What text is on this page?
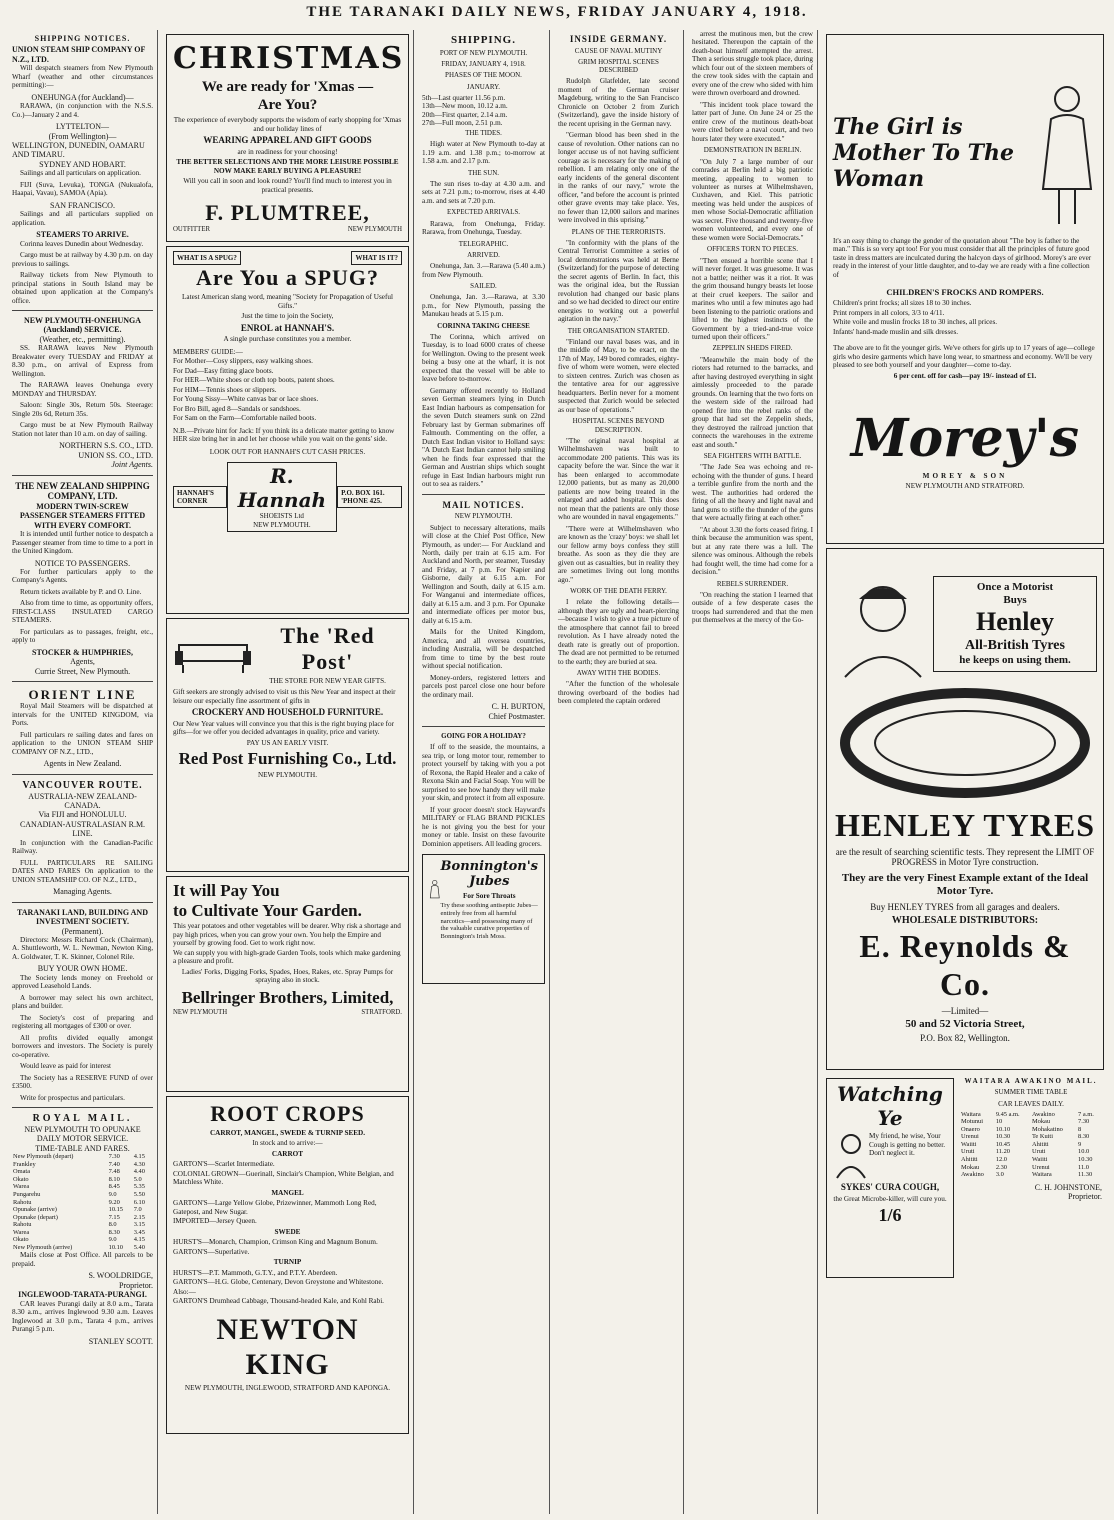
THE TARANAKI DAILY NEWS, FRIDAY JANUARY 4, 1918.
SHIPPING NOTICES.
UNION STEAM SHIP COMPANY OF N.Z., LTD.

Will despatch steamers from New Plymouth Wharf (weather and other circumstances permitting):—

ONEHUNGA (for Auckland)—

RARAWA, (in conjunction with the N.S.S. Co.)—January 2 and 4.

LYTTELTON—
(From Wellington)—
WELLINGTON, DUNEDIN, OAMARU AND TIMARU.
SYDNEY AND HOBART.

Sailings and all particulars on application.

FIJI (Suva, Levuka), TONGA (Nukualofa, Haapai, Vavau), SAMOA (Apia).

SAN FRANCISCO.

Sailings and all particulars supplied on application.

STEAMERS TO ARRIVE.

Corinna leaves Dunedin about Wednesday.

Cargo must be at railway by 4.30 p.m. on day previous to sailings.

Railway tickets from New Plymouth to principal stations in South Island may be obtained upon application at the Company's office.

NEW PLYMOUTH-ONEHUNGA (Auckland) SERVICE.
(Weather, etc., permitting).

SS. RARAWA leaves New Plymouth Breakwater every TUESDAY and FRIDAY at 8.30 p.m., on arrival of Express from Wellington.

The RARAWA leaves Onehunga every MONDAY and THURSDAY.

Saloon: Single 30s, Return 50s. Steerage: Single 20s 6d, Return 35s.

Cargo must be at New Plymouth Railway Station not later than 10 a.m. on day of sailing.

NORTHERN S.S. CO., LTD.
UNION SS. CO., LTD.
Joint Agents.
THE NEW ZEALAND SHIPPING COMPANY, LTD.
MODERN TWIN-SCREW PASSENGER STEAMERS FITTED WITH EVERY COMFORT.

It is intended until further notice to despatch a Passenger steamer from time to time to a port in the United Kingdom.

NOTICE TO PASSENGERS.

For further particulars apply to the Company's Agents.

Return tickets available by P. and O. Line.

Also from time to time, as opportunity offers, FIRST-CLASS INSULATED CARGO STEAMERS.

For particulars as to passages, freight, etc., apply to

STOCKER & HUMPHRIES,
Agents,
Currie Street, New Plymouth.
ORIENT LINE

Royal Mail Steamers will be dispatched at intervals for the UNITED KINGDOM, via Ports.

Full particulars re sailing dates and fares on application to the UNION STEAM SHIP COMPANY OF N.Z., LTD.,

Agents in New Zealand.
VANCOUVER ROUTE.
AUSTRALIA-NEW ZEALAND-CANADA.
Via FIJI and HONOLULU.
CANADIAN-AUSTRALASIAN R.M. LINE.

In conjunction with the Canadian-Pacific Railway.

FULL PARTICULARS RE SAILING DATES AND FARES On application to the UNION STEAMSHIP CO. OF N.Z., LTD.,

Managing Agents.
TARANAKI LAND, BUILDING AND INVESTMENT SOCIETY.
(Permanent).

Directors: Messrs Richard Cock (Chairman), A. Shuttleworth, W. L. Newman, Newton King, A. Goldwater, T. K. Skinner, Colonel Rile.

BUY YOUR OWN HOME.

The Society lends money on Freehold or approved Leasehold Lands.

A borrower may select his own architect, plans and builder.

The Society's cost of preparing and registering all mortgages of £300 or over.

All profits divided equally amongst borrowers and investors. The Society is purely co-operative.

Would leave as paid for interest

The Society has a RESERVE FUND of over £3500.

Write for prospectus and particulars.

ROYAL MAIL.
NEW PLYMOUTH TO OPUNAKE DAILY MOTOR SERVICE.
TIME-TABLE AND FARES.
New Plymouth (depart)	7.30	4.15
Frankley	7.40	4.30
Omata	7.48	4.40
Okato	8.10	5.0
Warea	8.45	5.35
Pungarehu	9.0	5.50
Rahotu	9.20	6.10
Opunake (arrive)	10.15	7.0
Opunake (depart)	7.15	2.15
Rahotu	8.0	3.15
Warea	8.30	3.45
Okato	9.0	4.15
New Plymouth (arrive)	10.10	5.40

Mails close at Post Office. All parcels to be prepaid.

S. WOOLDRIDGE,
Proprietor.
INGLEWOOD-TARATA-PURANGI.

CAR leaves Purangi daily at 8.0 a.m., Tarata 8.30 a.m., arrives Inglewood 9.30 a.m. Leaves Inglewood at 3.0 p.m., Tarata 4 p.m., arrives Purangi 5 p.m.

STANLEY SCOTT.
CHRISTMAS
We are ready for 'Xmas —
Are You?
The experience of everybody supports the wisdom of early shopping for 'Xmas and our holiday lines of
WEARING APPAREL AND GIFT GOODS
are in readiness for your choosing!
THE BETTER SELECTIONS AND THE MORE LEISURE POSSIBLE NOW MAKE EARLY BUYING A PLEASURE!
Will you call in soon and look round? You'll find much to interest you in practical presents.
F. PLUMTREE,
OUTFITTER	NEW PLYMOUTH
WHAT IS A SPUG?	WHAT IS IT?
Are You a SPUG?
Latest American slang word, meaning "Society for Propagation of Useful Gifts."
Just the time to join the Society,
ENROL at HANNAH'S.
A single purchase constitutes you a member.
MEMBERS' GUIDE:—
For Mother—Cosy slippers, easy walking shoes.
For Dad—Easy fitting glace boots.
For HER—White shoes or cloth top boots, patent shoes.
For HIM—Tennis shoes or slippers.
For Young Sissy—White canvas bar or lace shoes.
For Bro Bill, aged 8—Sandals or sandshoes.
For Sam on the Farm—Comfortable nailed boots.
N.B.—Private hint for Jack: If you think its a delicate matter getting to know HER size bring her in and let her choose while you wait on the gents' side.
LOOK OUT FOR HANNAH'S CUT CASH PRICES.
HANNAH'S CORNER
R. Hannah
SHOEISTS Ltd
NEW PLYMOUTH.
P.O. BOX 161. 'PHONE 425.
The 'Red Post'
THE STORE FOR NEW YEAR GIFTS.
Gift seekers are strongly advised to visit us this New Year and inspect at their leisure our especially fine assortment of gifts in
CROCKERY AND HOUSEHOLD FURNITURE.
Our New Year values will convince you that this is the right buying place for gifts—for we offer you decided advantages in quality, price and variety.
PAY US AN EARLY VISIT.
Red Post Furnishing Co., Ltd.
NEW PLYMOUTH.
It will Pay You
to Cultivate Your Garden.
This year potatoes and other vegetables will be dearer. Why risk a shortage and pay high prices, when you can grow your own. You help the Empire and yourself by growing food. Get to work right now.
We can supply you with high-grade Garden Tools, tools which make gardening a pleasure and profit.
Ladies' Forks, Digging Forks, Spades, Hoes, Rakes, etc. Spray Pumps for spraying also in stock.
Bellringer Brothers, Limited,
NEW PLYMOUTH	STRATFORD.
ROOT CROPS
CARROT, MANGEL, SWEDE & TURNIP SEED.
In stock and to arrive:—
CARROT
GARTON'S—Scarlet Intermediate.
COLONIAL GROWN—Guerinall, Sinclair's Champion, White Belgian, and Matchless White.
MANGEL
GARTON'S—Large Yellow Globe, Prizewinner, Mammoth Long Red, Gatepost, and New Sugar.
IMPORTED—Jersey Queen.
SWEDE
HURST'S—Monarch, Champion, Crimson King and Magnum Bonum.
GARTON'S—Superlative.
TURNIP
HURST'S—P.T. Mammoth, G.T.Y., and P.T.Y. Aberdeen.
GARTON'S—H.G. Globe, Centenary, Devon Greystone and Whitestone.
Also:—
GARTON'S Drumhead Cabbage, Thousand-headed Kale, and Kohl Rabi.
NEWTON KING
NEW PLYMOUTH, INGLEWOOD, STRATFORD AND KAPONGA.
SHIPPING.
PORT OF NEW PLYMOUTH.
FRIDAY, JANUARY 4, 1918.
PHASES OF THE MOON.
JANUARY.
5th—Last quarter 11.56 p.m.
13th—New moon, 10.12 a.m.
20th—First quarter, 2.14 a.m.
27th—Full moon, 2.51 p.m.
THE TIDES.

High water at New Plymouth to-day at 1.19 a.m. and 1.38 p.m.; to-morrow at 1.58 a.m. and 2.17 p.m.

THE SUN.

The sun rises to-day at 4.30 a.m. and sets at 7.21 p.m.; to-morrow, rises at 4.40 a.m. and sets at 7.20 p.m.

EXPECTED ARRIVALS.

Rarawa, from Onehunga, Friday. Rarawa, from Onehunga, Tuesday.

TELEGRAPHIC.
ARRIVED.

Onehunga, Jan. 3.—Rarawa (5.40 a.m.) from New Plymouth.

SAILED.

Onehunga, Jan. 3.—Rarawa, at 3.30 p.m., for New Plymouth, passing the Manukau heads at 5.15 p.m.

CORINNA TAKING CHEESE

The Corinna, which arrived on Tuesday, is to load 6000 crates of cheese for Wellington. Owing to the present week being a busy one at the wharf, it is not expected that the vessel will be able to leave before to-morrow.

Germany offered recently to Holland seven German steamers lying in Dutch East Indian harbours as compensation for the seven Dutch steamers sunk on 22nd February last by German submarines off Falmouth. Commenting on the offer, a Dutch East Indian visitor to Holland says: "A Dutch East Indian cannot help smiling when he finds fear expressed that the German and Austrian ships which sought refuge in East Indian harbours might run out to sea as raiders."

MAIL NOTICES.
NEW PLYMOUTH.

Subject to necessary alterations, mails will close at the Chief Post Office, New Plymouth, as under:— For Auckland and North, daily per train at 6.15 a.m. For Auckland and North, per steamer, Tuesday and Friday, at 7 p.m. For Napier and Gisborne, daily at 6.15 a.m. For Wellington and South, daily at 6.15 a.m. For Wanganui and intermediate offices, daily at 6.15 a.m. and 3 p.m. For Opunake and intermediate offices per motor bus, daily at 6.15 a.m.

Mails for the United Kingdom, America, and all oversea countries, including Australia, will be despatched from time to time by the best route without special notification.

Money-orders, registered letters and parcels post parcel close one hour before the ordinary mail.

C. H. BURTON,
Chief Postmaster.
GOING FOR A HOLIDAY?

If off to the seaside, the mountains, a sea trip, or long motor tour, remember to protect yourself by taking with you a pot of Rexona, the Rapid Healer and a cake of Rexona Skin and Facial Soap. You will be surprised to see how handy they will make your skin, and protect it from all exposure.

If your grocer doesn't stock Hayward's MILITARY or FLAG BRAND PICKLES he is not giving you the best for your money or table. Insist on these favourite Dominion appetisers. All leading grocers.

Bonnington's Jubes
For Sore Throats
Try these soothing antiseptic Jubes—entirely free from all harmful narcotics—and possessing many of the valuable curative properties of Bonnington's Irish Moss.
INSIDE GERMANY.
CAUSE OF NAVAL MUTINY
GRIM HOSPITAL SCENES DESCRIBED

Rudolph Glatfelder, late second moment of the German cruiser Magdeburg, writing to the San Francisco Chronicle on October 2 from Zurich (Switzerland), gave the inside history of the recent uprising in the German navy.

"German blood has been shed in the cause of revolution. Other nations can no longer accuse us of not having sufficient courage as is necessary for the making of rebellion. I am relating only one of the early incidents of the general discontent in the ranks of our navy," wrote the officer, "and before the account is printed other grave events may take place. Yes, no fewer than 12,000 sailors and marines were involved in this uprising."

PLANS OF THE TERRORISTS.

"In conformity with the plans of the Central Terrorist Committee a series of local demonstrations was held at Berne (Switzerland) for the purpose of detecting the secret agents of Berlin. In fact, this was the original idea, but the Russian revolution had changed our basic plans and so we had decided to direct our entire energies to working out a powerful agitation in the navy."

THE ORGANISATION STARTED.

"Finland our naval bases was, and in the middle of May, to be exact, on the 17th of May, 149 bored comrades, eighty-five of whom were women, were elected to sixteen centres. Zurich was chosen as the tentative area for our aggressive headquarters. Berlin never for a moment suspected that Zurich would be selected as our base of operations."

HOSPITAL SCENES BEYOND DESCRIPTION.

"The original naval hospital at Wilhelmshaven was built to accommodate 200 patients. This was its capacity before the war. Since the war it has been enlarged to accommodate 12,000 patients, but as many as 20,000 patients are now being treated in the enlarged and added hospital. This does not mean that the patients are only those who are wounded in naval engagements."

"There were at Wilhelmshaven who are known as the 'crazy' boys: we shall let our fellow army boys confess they still breathe. As soon as they die they are given out as casualties, but in reality they are sometimes living out long months ago."

WORK OF THE DEATH FERRY.

I relate the following details—although they are ugly and heart-piercing—because I wish to give a true picture of the atmosphere that cannot fail to breed revolution. As I have already noted the death rate is greatly out of proportion. The dead are not permitted to be returned to the earth; they are buried at sea.

AWAY WITH THE BODIES.

"After the function of the wholesale throwing overboard of the bodies had been completed the captain ordered

arrest the mutinous men, but the crew hesitated. Thereupon the captain of the death-boat himself attempted the arrest. Then a serious struggle took place, during which four out of the sixteen members of the crew took sides with the captain and every one of the crew who sided with him were thrown overboard and drowned.

"This incident took place toward the latter part of June. On June 24 or 25 the entire crew of the mutinous death-boat were cited before a naval court, and two hours later they were executed."

DEMONSTRATION IN BERLIN.

"On July 7 a large number of our comrades at Berlin held a big patriotic meeting, appealing to women to volunteer as nurses at Wilhelmshaven, Cuxhaven, and Kiel. This patriotic meeting was held under the auspices of men whose Social-Democratic affiliation was secret. Five thousand and twenty-five women volunteered, and every one of these women were Social-Democrats."

OFFICERS TORN TO PIECES.

"Then ensued a horrible scene that I will never forget. It was gruesome. It was not a battle; neither was it a riot. It was the grim thousand hungry beasts let loose at their cruel keepers. The sailor and marines who until a few minutes ago had been listening to the patriotic orations and lifted to the highest instincts of the Government by a tried-and-true voice turned upon their officers."

ZEPPELIN SHEDS FIRED.

"Meanwhile the main body of the rioters had returned to the barracks, and after having destroyed everything in sight aimlessly proceeded to the parade grounds. On learning that the two forts on the western side of the railroad had opened fire into the rebel ranks of the group that had set the Zeppelin sheds, they destroyed the railroad junction that connects the warehouses in the extreme east and south."

SEA FIGHTERS WITH BATTLE.

"The Jade Sea was echoing and re-echoing with the thunder of guns. I heard a terrible gunfire from the north and the west. The authorities had ordered the firing of all the heavy and light naval and land guns to stifle the thunder of the guns that were actually firing at each other."

"At about 3.30 the forts ceased firing. I think because the ammunition was spent, but at any rate there was a lull. The silence was ominous. Although the rebels had fought well, the time had come for a decision."

REBELS SURRENDER.

"On reaching the station I learned that outside of a few desperate cases the troops had surrendered and that the men put themselves at the mercy of the Go-

The Girl is
Mother To The
Woman
It's an easy thing to change the gender of the quotation about "The boy is father to the man." This is so very apt too! For you must consider that all the principles of future good taste in dress matters are inculcated during the halcyon days of girlhood. Morey's are ever ready in the interest of your little daughter, and to-day we are ready with a fine collection of
CHILDREN'S FROCKS AND ROMPERS.
Children's print frocks; all sizes 18 to 30 inches.
Print rompers in all colors, 3/3 to 4/11.
White voile and muslin frocks 18 to 30 inches, all prices.
Infants' hand-made muslin and silk dresses.
The above are to fit the younger girls. We've others for girls up to 17 years of age—college girls who desire garments which have long wear, to smartness and economy. We'll be very pleased to see both yourself and your daughter—come to-day.
6 per cent. off for cash—pay 19/- instead of £1.
Morey's
MOREY & SON
NEW PLYMOUTH AND STRATFORD.
Once a Motorist
Buys
Henley
All-British Tyres
he keeps on using them.
HENLEY TYRES
are the result of searching scientific tests. They represent the LIMIT OF PROGRESS in Motor Tyre construction.
They are the very Finest Example extant of the Ideal Motor Tyre.
Buy HENLEY TYRES from all garages and dealers.
WHOLESALE DISTRIBUTORS:
E. Reynolds & Co.
—Limited—
50 and 52 Victoria Street,
P.O. Box 82, Wellington.
Watching Ye
My friend, he wise, Your Cough is getting no better. Don't neglect it.
SYKES' CURA COUGH,
the Great Microbe-killer, will cure you.
1/6
WAITARA AWAKINO MAIL.
SUMMER TIME TABLE
CAR LEAVES DAILY.
Waitara	9.45 a.m.	Awakino	7 a.m.
Motunui	10	Mokau	7.30
Onaero	10.10	Mohakatino	8
Urenui	10.30	Te Kuiti	8.30
Waiiti	10.45	Ahititi	9
Uruti	11.20	Uruti	10.0
Ahititi	12.0	Waiiti	10.30
Mokau	2.30	Urenui	11.0
Awakino	3.0	Waitara	11.30
C. H. JOHNSTONE,
Proprietor.
